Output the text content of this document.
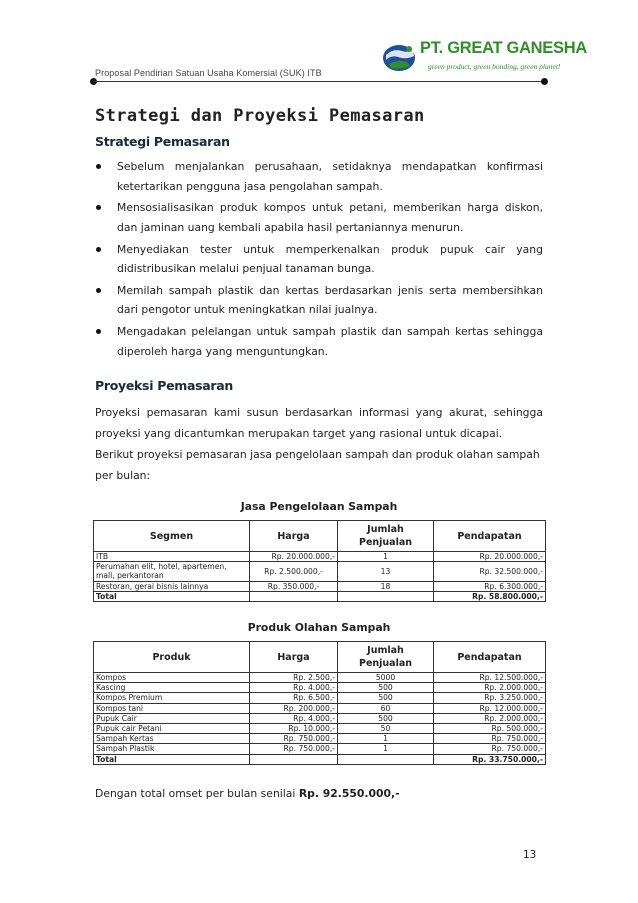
PT. GREAT GANESHA
green product, green bonding, green planet!
Proposal Pendirian Satuan Usaha Komersial (SUK) ITB
Strategi dan Proyeksi Pemasaran
Strategi Pemasaran
Sebelum menjalankan perusahaan, setidaknya mendapatkan konfirmasi ketertarikan pengguna jasa pengolahan sampah.
Mensosialisasikan produk kompos untuk petani, memberikan harga diskon, dan jaminan uang kembali apabila hasil pertaniannya menurun.
Menyediakan tester untuk memperkenalkan produk pupuk cair yang didistribusikan melalui penjual tanaman bunga.
Memilah sampah plastik dan kertas berdasarkan jenis serta membersihkan dari pengotor untuk meningkatkan nilai jualnya.
Mengadakan pelelangan untuk sampah plastik dan sampah kertas sehingga diperoleh harga yang menguntungkan.
Proyeksi Pemasaran

Proyeksi pemasaran kami susun berdasarkan informasi yang akurat, sehingga proyeksi yang dicantumkan merupakan target yang rasional untuk dicapai.

Berikut proyeksi pemasaran jasa pengelolaan sampah dan produk olahan sampah per bulan:

Jasa Pengelolaan Sampah
Segmen	Harga	Jumlah Penjualan	Pendapatan
ITB	Rp. 20.000.000,-	1	Rp. 20.000.000,-
Perumahan elit, hotel, apartemen, mall, perkantoran	Rp. 2.500.000,-	13	Rp. 32.500.000,-
Restoran, gerai bisnis lainnya	Rp. 350.000,-	18	Rp. 6.300.000,-
Total			Rp. 58.800.000,-
Produk Olahan Sampah
Produk	Harga	Jumlah Penjualan	Pendapatan
Kompos	Rp. 2.500,-	5000	Rp. 12.500.000,-
Kascing	Rp. 4.000,-	500	Rp. 2.000.000,-
Kompos Premium	Rp. 6.500,-	500	Rp. 3.250.000,-
Kompos tani	Rp. 200.000,-	60	Rp. 12.000.000,-
Pupuk Cair	Rp. 4.000,-	500	Rp. 2.000.000,-
Pupuk cair Petani	Rp. 10.000,-	50	Rp. 500.000,-
Sampah Kertas	Rp. 750.000,-	1	Rp. 750.000,-
Sampah Plastik	Rp. 750.000,-	1	Rp. 750.000,-
Total			Rp. 33.750.000,-
Dengan total omset per bulan senilai Rp. 92.550.000,-
13
